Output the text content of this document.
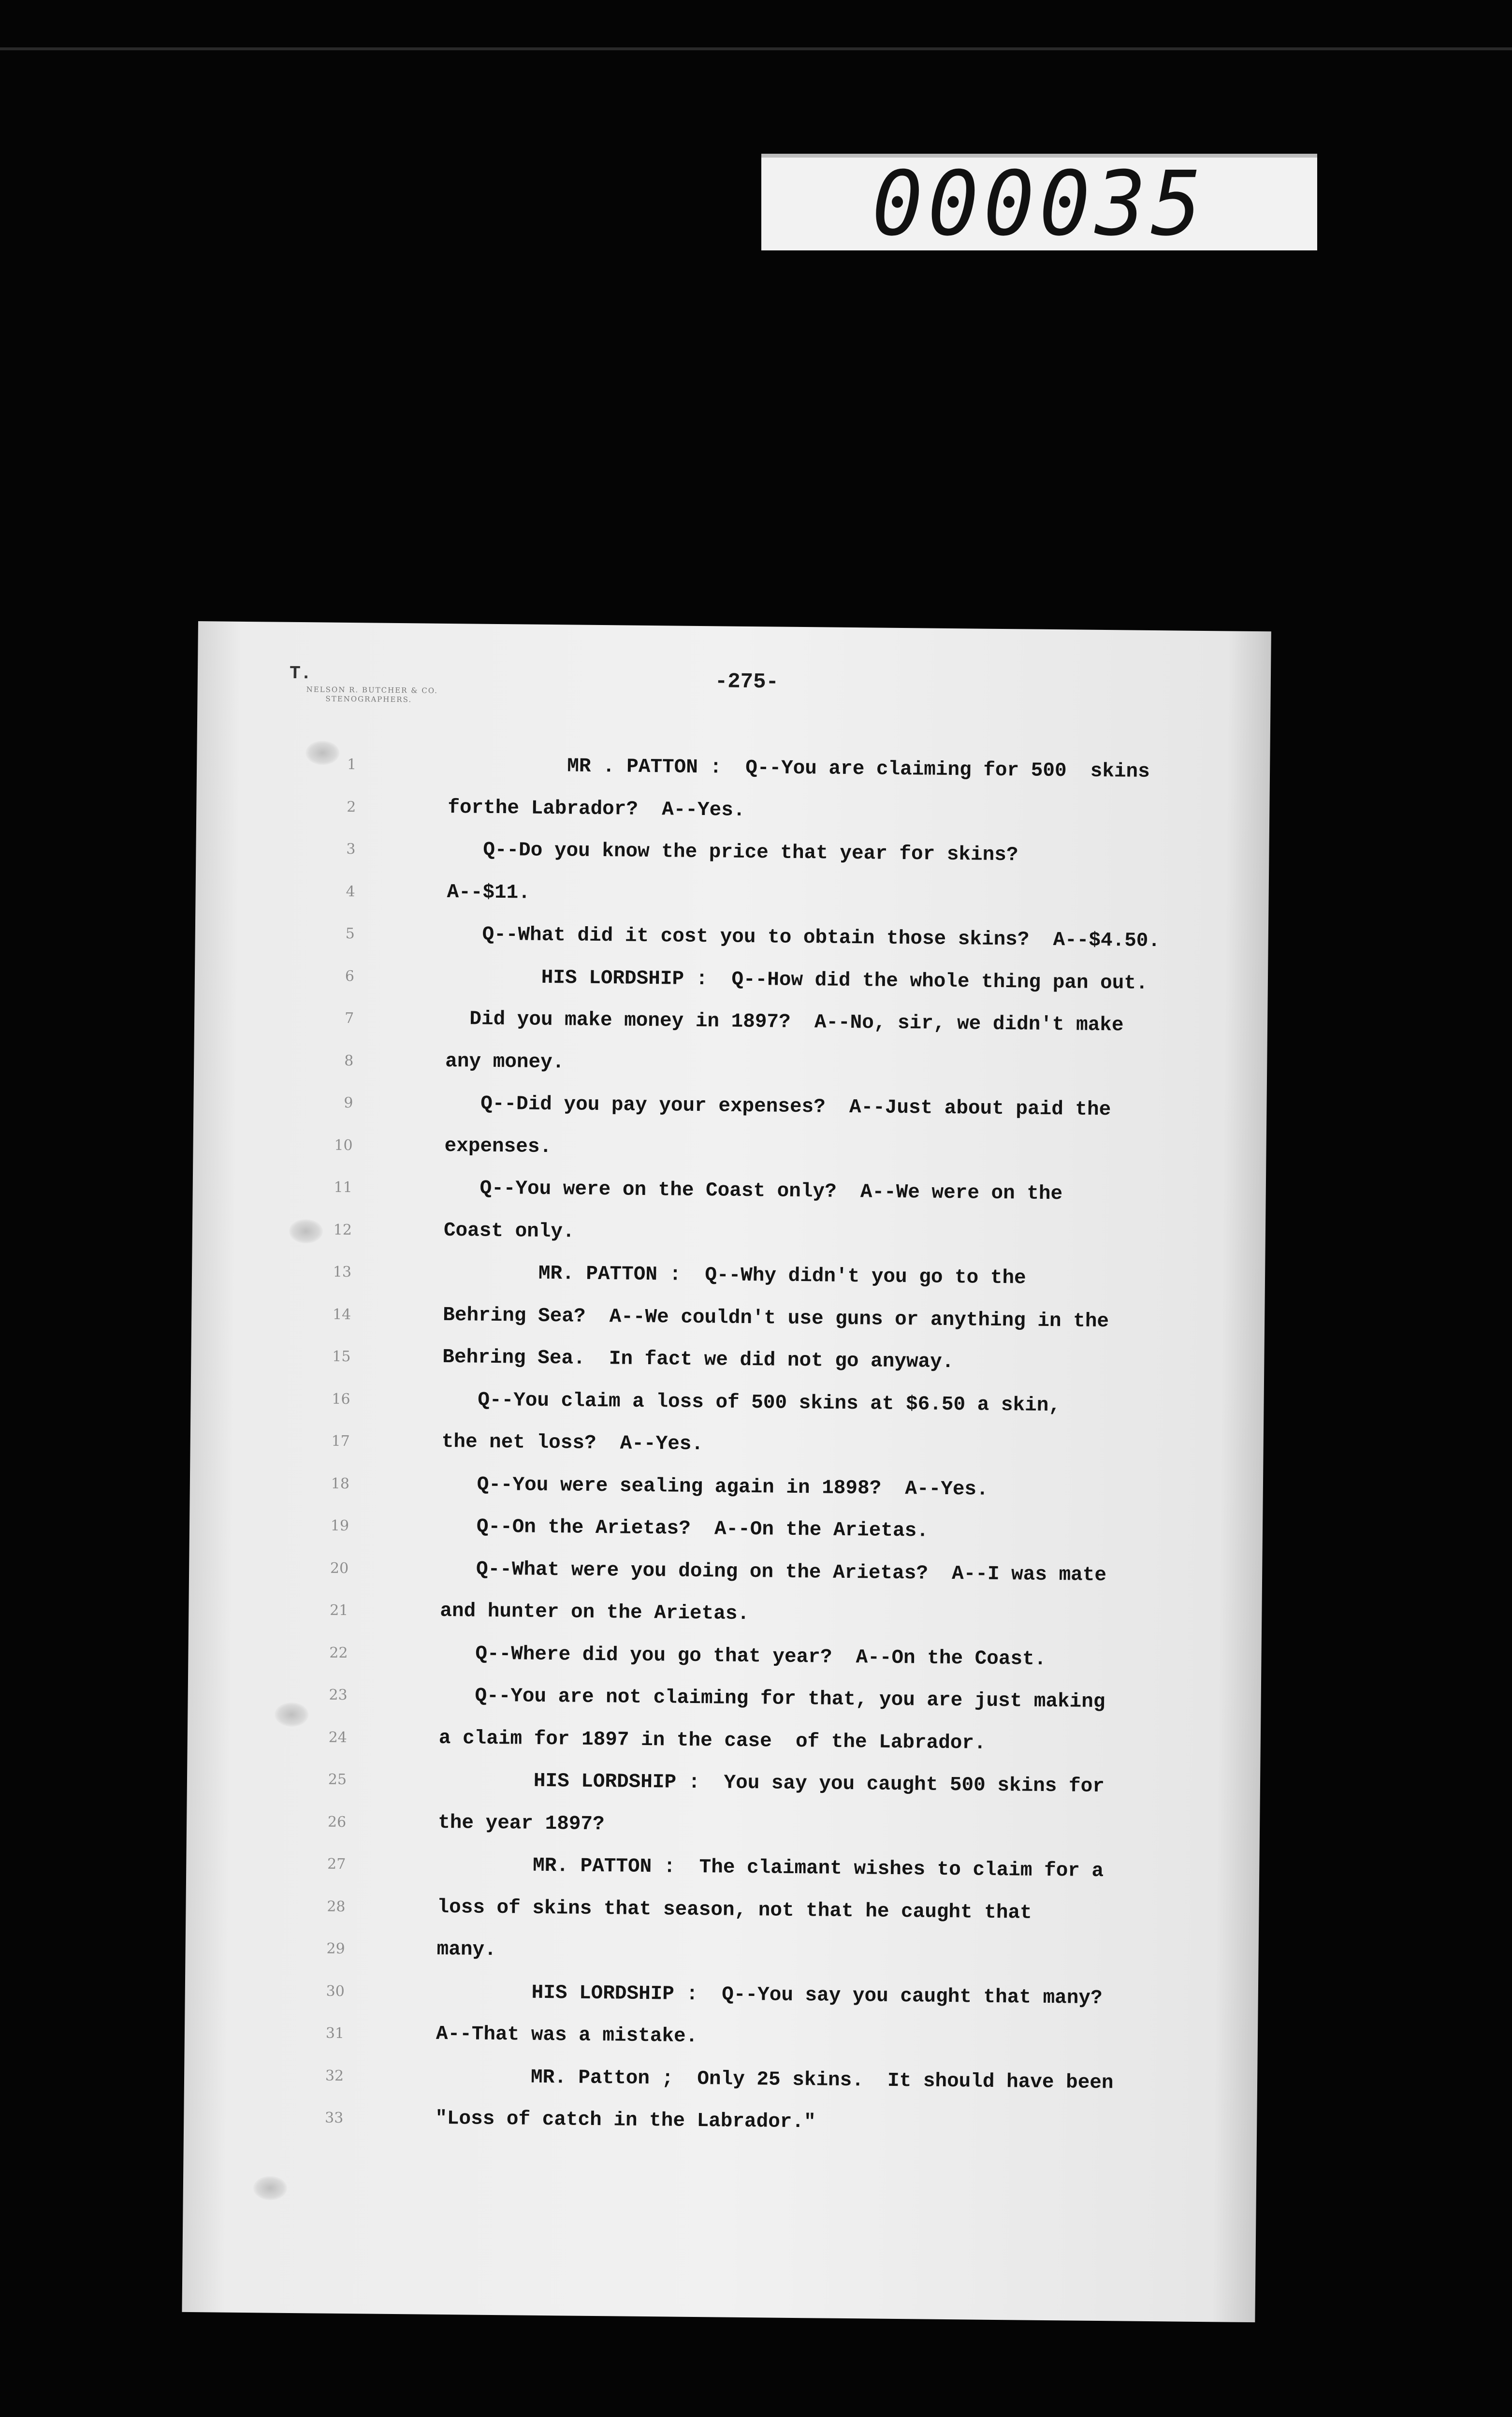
000035
T.
NELSON R. BUTCHER & CO.
STENOGRAPHERS.
-275-
1
2
3
4
5
6
7
8
9
10
11
12
13
14
15
16
17
18
19
20
21
22
23
24
25
26
27
28
29
30
31
32
33
MR . PATTON :  Q--You are claiming for 500  skins
forthe Labrador?  A--Yes.
Q--Do you know the price that year for skins?
A--$11.
Q--What did it cost you to obtain those skins?  A--$4.50.
HIS LORDSHIP :  Q--How did the whole thing pan out.
Did you make money in 1897?  A--No, sir, we didn't make
any money.
Q--Did you pay your expenses?  A--Just about paid the
expenses.
Q--You were on the Coast only?  A--We were on the
Coast only.
MR. PATTON :  Q--Why didn't you go to the
Behring Sea?  A--We couldn't use guns or anything in the
Behring Sea.  In fact we did not go anyway.
Q--You claim a loss of 500 skins at $6.50 a skin,
the net loss?  A--Yes.
Q--You were sealing again in 1898?  A--Yes.
Q--On the Arietas?  A--On the Arietas.
Q--What were you doing on the Arietas?  A--I was mate
and hunter on the Arietas.
Q--Where did you go that year?  A--On the Coast.
Q--You are not claiming for that, you are just making
a claim for 1897 in the case  of the Labrador.
HIS LORDSHIP :  You say you caught 500 skins for
the year 1897?
MR. PATTON :  The claimant wishes to claim for a
loss of skins that season, not that he caught that
many.
HIS LORDSHIP :  Q--You say you caught that many?
A--That was a mistake.
MR. Patton ;  Only 25 skins.  It should have been
"Loss of catch in the Labrador."
